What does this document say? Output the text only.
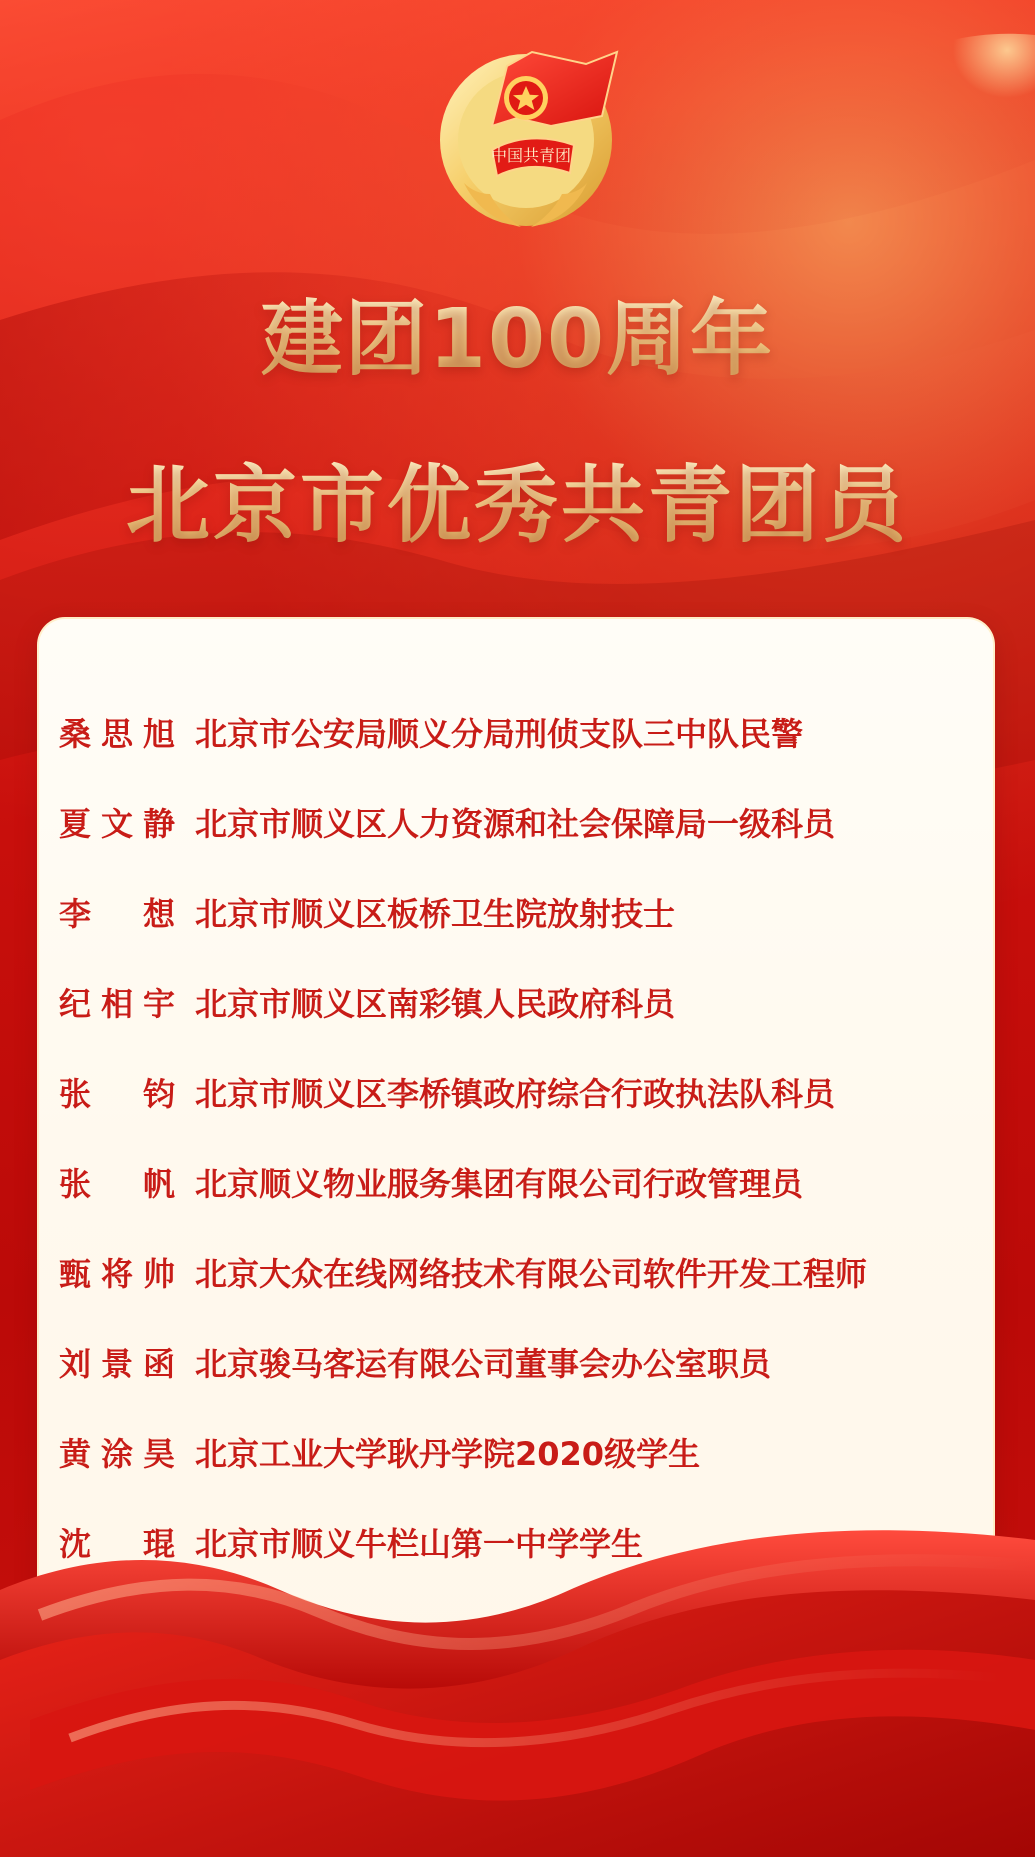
中国共青团
建团100周年
北京市优秀共青团员
桑思旭 北京市公安局顺义分局刑侦支队三中队民警
夏文静 北京市顺义区人力资源和社会保障局一级科员
李想 北京市顺义区板桥卫生院放射技士
纪相宇 北京市顺义区南彩镇人民政府科员
张钧 北京市顺义区李桥镇政府综合行政执法队科员
张帆 北京顺义物业服务集团有限公司行政管理员
甄将帅 北京大众在线网络技术有限公司软件开发工程师
刘景函 北京骏马客运有限公司董事会办公室职员
黄涂昊 北京工业大学耿丹学院2020级学生
沈琨 北京市顺义牛栏山第一中学学生
